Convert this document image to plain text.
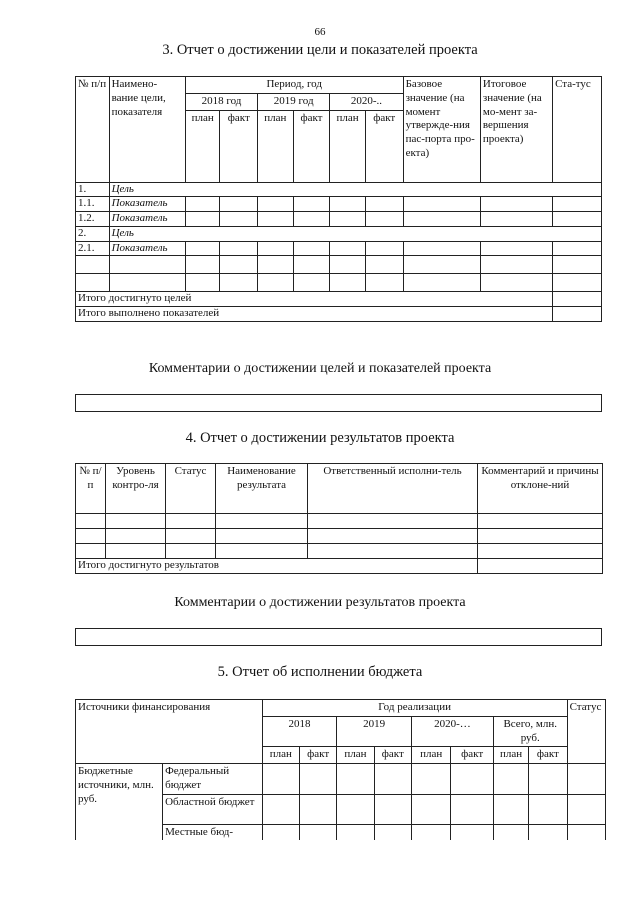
66
3. Отчет о достижении цели и показателей проекта
№ п/п	Наимено-вание цели, показателя	Период, год						Базовое значение (на момент утвержде-ния пас-порта про-екта)	Итоговое значение (на мо-мент за-вершения проекта)	Ста-тус
		2018 год		2019 год		2020-..				
		план	факт	план	факт	план	факт			
1.	Цель									
1.1.	Показатель									
1.2.	Показатель									
2.	Цель									
2.1.	Показатель									

Итого достигнуто целей										
Итого выполнено показателей										
Комментарии о достижении целей и показателей проекта
4. Отчет о достижении результатов проекта
№ п/п	Уровень контро-ля	Статус	Наименование результата	Ответственный исполни-тель	Комментарий и причины отклоне-ний

Итого достигнуто результатов					
Комментарии о достижении результатов проекта
5. Отчет об исполнении бюджета
Источники финансирования		Год реализации								Статус
		2018		2019		2020-…		Всего, млн. руб.		
		план	факт	план	факт	план	факт	план	факт	
Бюджетные источники, млн. руб.	Федеральный бюджет									
	Областной бюджет									
	Местные бюд-									
